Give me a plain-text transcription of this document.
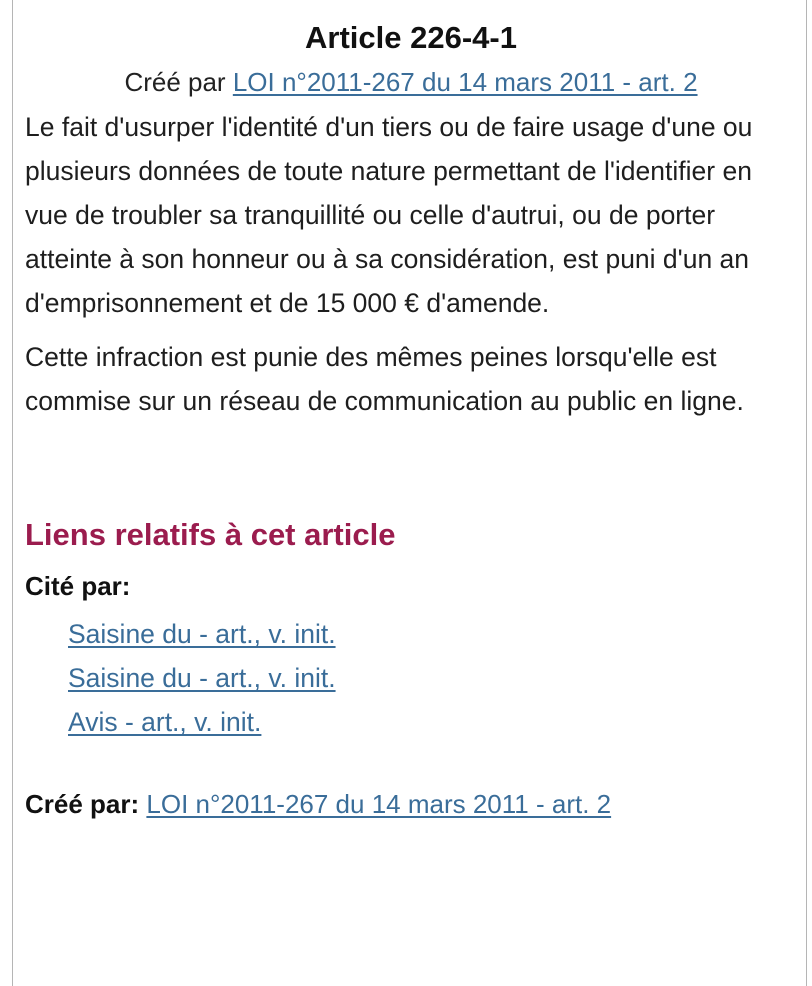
Article 226-4-1
Créé par LOI n°2011-267 du 14 mars 2011 - art. 2

Le fait d'usurper l'identité d'un tiers ou de faire usage d'une ou plusieurs données de toute nature permettant de l'identifier en vue de troubler sa tranquillité ou celle d'autrui, ou de porter atteinte à son honneur ou à sa considération, est puni d'un an d'emprisonnement et de 15 000 € d'amende.

Cette infraction est punie des mêmes peines lorsqu'elle est commise sur un réseau de communication au public en ligne.

Liens relatifs à cet article
Cité par:
Saisine du - art., v. init.
Saisine du - art., v. init.
Avis - art., v. init.
Créé par: LOI n°2011-267 du 14 mars 2011 - art. 2
